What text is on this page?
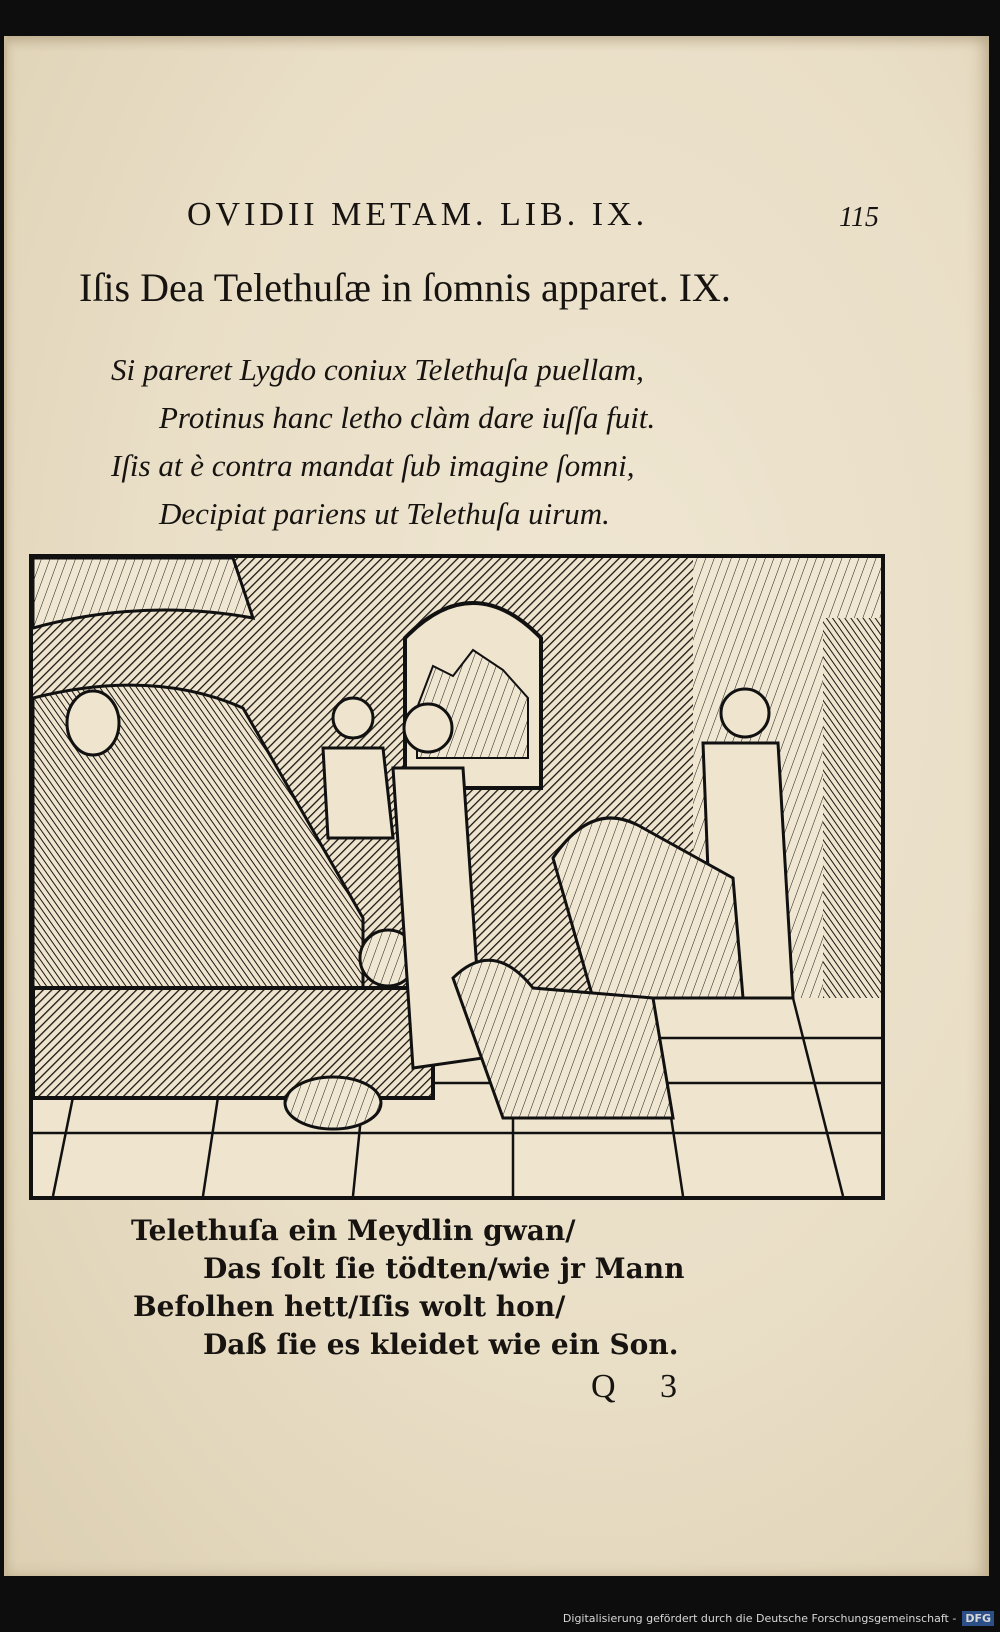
OVIDII METAM. LIB. IX.	115
Iſis Dea Telethuſæ in ſomnis apparet. IX.
Si pareret Lygdo coniux Telethuſa puellam,
Protinus hanc letho clàm dare iuſſa fuit.
Iſis at è contra mandat ſub imagine ſomni,
Decipiat pariens ut Telethuſa uirum.
Telethuſa ein Meydlin gwan/
Das ſolt ſie tödten/wie jr Mann
Befolhen hett/Iſis wolt hon/
Daß ſie es kleidet wie ein Son.
Q 3
Digitalisierung gefördert durch die Deutsche Forschungsgemeinschaft - DFG
